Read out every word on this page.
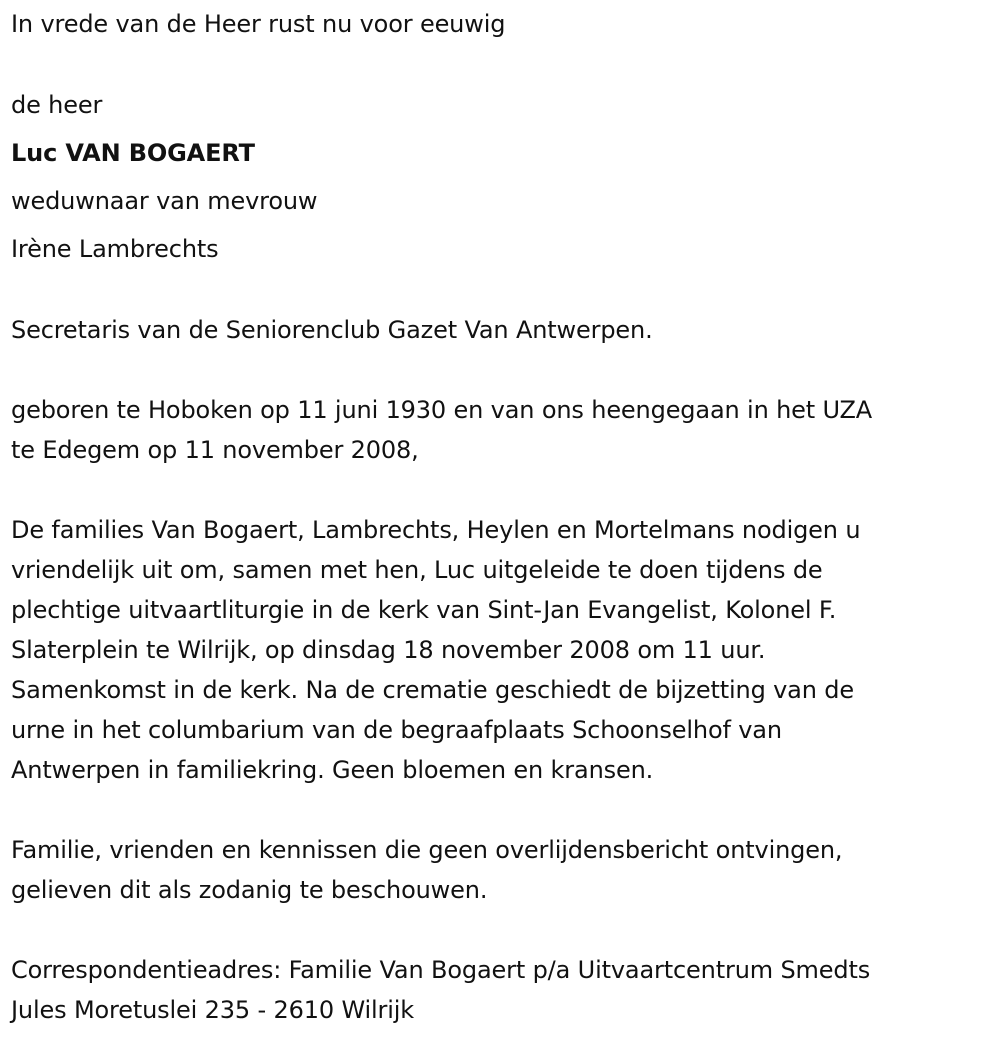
In vrede van de Heer rust nu voor eeuwig

de heer

Luc VAN BOGAERT

weduwnaar van mevrouw

Irène Lambrechts

Secretaris van de Seniorenclub Gazet Van Antwerpen.

geboren te Hoboken op 11 juni 1930 en van ons heengegaan in het UZA

te Edegem op 11 november 2008,

De families Van Bogaert, Lambrechts, Heylen en Mortelmans nodigen u

vriendelijk uit om, samen met hen, Luc uitgeleide te doen tijdens de

plechtige uitvaartliturgie in de kerk van Sint-Jan Evangelist, Kolonel F.

Slaterplein te Wilrijk, op dinsdag 18 november 2008 om 11 uur.

Samenkomst in de kerk. Na de crematie geschiedt de bijzetting van de

urne in het columbarium van de begraafplaats Schoonselhof van

Antwerpen in familiekring. Geen bloemen en kransen.

Familie, vrienden en kennissen die geen overlijdensbericht ontvingen,

gelieven dit als zodanig te beschouwen.

Correspondentieadres: Familie Van Bogaert p/a Uitvaartcentrum Smedts

Jules Moretuslei 235 - 2610 Wilrijk
